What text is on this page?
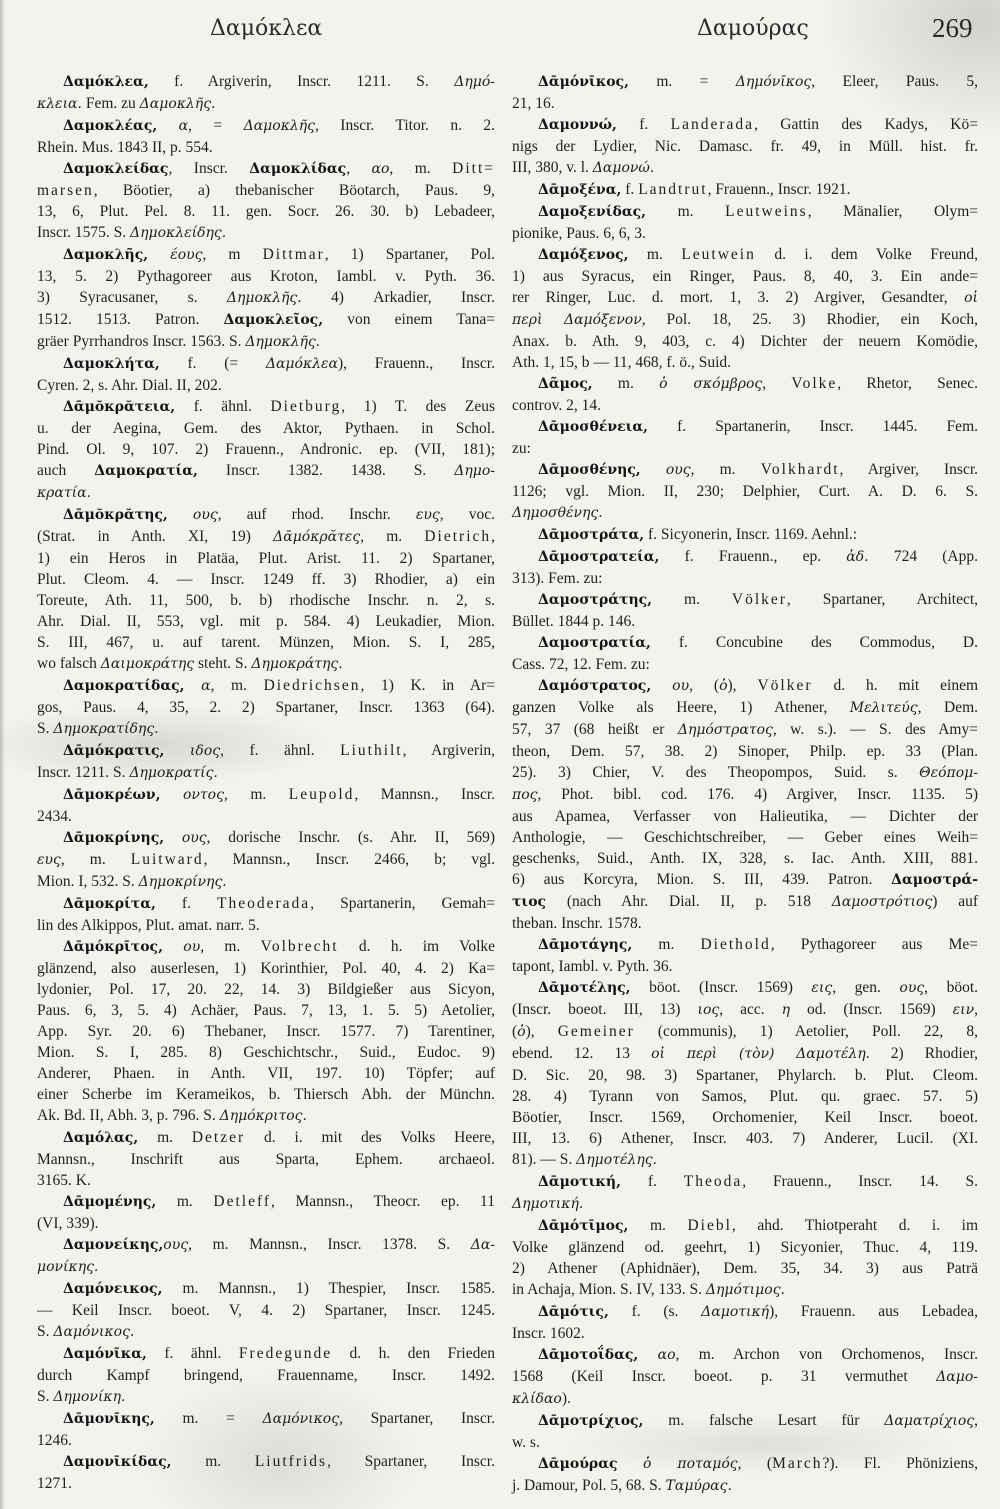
Δαμόκλεα	Δαμούρας	269
Δαμόκλεα, f. Argiverin, Inscr. 1211. S. Δημό-
κλεια. Fem. zu Δαμοκλῆς.
Δαμοκλέας, α, = Δαμοκλῆς, Inscr. Titor. n. 2.
Rhein. Mus. 1843 II, p. 554.
Δαμοκλείδας, Inscr. Δαμοκλίδας, αο, m. Ditt=
marsen, Böotier, a) thebanischer Böotarch, Paus. 9,
13, 6, Plut. Pel. 8. 11. gen. Socr. 26. 30. b) Lebadeer,
Inscr. 1575. S. Δημοκλείδης.
Δαμοκλῆς, έους, m Dittmar, 1) Spartaner, Pol.
13, 5. 2) Pythagoreer aus Kroton, Iambl. v. Pyth. 36.
3) Syracusaner, s. Δημοκλῆς. 4) Arkadier, Inscr.
1512. 1513. Patron. Δαμοκλεῖος, von einem Tana=
gräer Pyrrhandros Inscr. 1563. S. Δημοκλῆς.
Δαμοκλήτα, f. (= Δαμόκλεα), Frauenn., Inscr.
Cyren. 2, s. Ahr. Dial. II, 202.
Δᾱμŏκρᾰτεια, f. ähnl. Dietburg, 1) T. des Zeus
u. der Aegina, Gem. des Aktor, Pythaen. in Schol.
Pind. Ol. 9, 107. 2) Frauenn., Andronic. ep. (VII, 181);
auch Δαμοκρατία, Inscr. 1382. 1438. S. Δημο-
κρατία.
Δᾱμŏκρᾰτης, ους, auf rhod. Inschr. ευς, voc.
(Strat. in Anth. XI, 19) Δᾱμόκρᾰτες, m. Dietrich,
1) ein Heros in Platäa, Plut. Arist. 11. 2) Spartaner,
Plut. Cleom. 4. — Inscr. 1249 ff. 3) Rhodier, a) ein
Toreute, Ath. 11, 500, b. b) rhodische Inschr. n. 2, s.
Ahr. Dial. II, 553, vgl. mit p. 584. 4) Leukadier, Mion.
S. III, 467, u. auf tarent. Münzen, Mion. S. I, 285,
wo falsch Δαιμοκράτης steht. S. Δημοκράτης.
Δαμοκρατίδας, α, m. Diedrichsen, 1) K. in Ar=
gos, Paus. 4, 35, 2. 2) Spartaner, Inscr. 1363 (64).
S. Δημοκρατίδης.
Δᾱμόκρατις, ιδος, f. ähnl. Liuthilt, Argiverin,
Inscr. 1211. S. Δημοκρατίς.
Δᾱμοκρέων, οντος, m. Leupold, Mannsn., Inscr.
2434.
Δᾱμοκρίνης, ους, dorische Inschr. (s. Ahr. II, 569)
ευς, m. Luitward, Mannsn., Inscr. 2466, b; vgl.
Mion. I, 532. S. Δημοκρίνης.
Δᾱμοκρίτα, f. Theoderada, Spartanerin, Gemah=
lin des Alkippos, Plut. amat. narr. 5.
Δᾱμόκρῑτος, ου, m. Volbrecht d. h. im Volke
glänzend, also auserlesen, 1) Korinthier, Pol. 40, 4. 2) Ka=
lydonier, Pol. 17, 20. 22, 14. 3) Bildgießer aus Sicyon,
Paus. 6, 3, 5. 4) Achäer, Paus. 7, 13, 1. 5. 5) Aetolier,
App. Syr. 20. 6) Thebaner, Inscr. 1577. 7) Tarentiner,
Mion. S. I, 285. 8) Geschichtschr., Suid., Eudoc. 9)
Anderer, Phaen. in Anth. VII, 197. 10) Töpfer; auf
einer Scherbe im Kerameikos, b. Thiersch Abh. der Münchn.
Ak. Bd. II, Abh. 3, p. 796. S. Δημόκριτος.
Δαμόλας, m. Detzer d. i. mit des Volks Heere,
Mannsn., Inschrift aus Sparta, Ephem. archaeol.
3165. K.
Δᾱμομένης, m. Detleff, Mannsn., Theocr. ep. 11
(VI, 339).
Δαμονείκης,ους, m. Mannsn., Inscr. 1378. S. Δα-
μονίκης.
Δαμόνεικος, m. Mannsn., 1) Thespier, Inscr. 1585.
— Keil Inscr. boeot. V, 4. 2) Spartaner, Inscr. 1245.
S. Δαμόνικος.
Δαμόνῑκα, f. ähnl. Fredegunde d. h. den Frieden
durch Kampf bringend, Frauenname, Inscr. 1492.
S. Δημονίκη.
Δᾱμονῑκης, m. = Δαμόνικος, Spartaner, Inscr.
1246.
Δαμονῑκίδας, m. Liutfrids, Spartaner, Inscr.
1271.
Δᾱμόνῑκος, m. = Δημόνῑκος, Eleer, Paus. 5,
21, 16.
Δαμοννώ, f. Landerada, Gattin des Kadys, Kö=
nigs der Lydier, Nic. Damasc. fr. 49, in Müll. hist. fr.
III, 380, v. l. Δαμονώ.
Δᾱμοξένα, f. Landtrut, Frauenn., Inscr. 1921.
Δαμοξενίδας, m. Leutweins, Mänalier, Olym=
pionike, Paus. 6, 6, 3.
Δαμόξενος, m. Leutwein d. i. dem Volke Freund,
1) aus Syracus, ein Ringer, Paus. 8, 40, 3. Ein ande=
rer Ringer, Luc. d. mort. 1, 3. 2) Argiver, Gesandter, οἱ
περὶ Δαμόξενον, Pol. 18, 25. 3) Rhodier, ein Koch,
Anax. b. Ath. 9, 403, c. 4) Dichter der neuern Komödie,
Ath. 1, 15, b — 11, 468, f. ö., Suid.
Δᾶμος, m. ὁ σκόμβρος, Volke, Rhetor, Senec.
controv. 2, 14.
Δᾱμοσθένεια, f. Spartanerin, Inscr. 1445. Fem.
zu:
Δᾱμοσθένης, ους, m. Volkhardt, Argiver, Inscr.
1126; vgl. Mion. II, 230; Delphier, Curt. A. D. 6. S.
Δημοσθένης.
Δᾱμοστράτα, f. Sicyonerin, Inscr. 1169. Aehnl.:
Δᾱμοστρατεία, f. Frauenn., ep. ἀδ. 724 (App.
313). Fem. zu:
Δαμοστράτης, m. Völker, Spartaner, Architect,
Büllet. 1844 p. 146.
Δαμοστρατία, f. Concubine des Commodus, D.
Cass. 72, 12. Fem. zu:
Δαμόστρατος, ου, (ὁ), Völker d. h. mit einem
ganzen Volke als Heere, 1) Athener, Μελιτεύς, Dem.
57, 37 (68 heißt er Δημόστρατος, w. s.). — S. des Amy=
theon, Dem. 57, 38. 2) Sinoper, Philp. ep. 33 (Plan.
25). 3) Chier, V. des Theopompos, Suid. s. Θεόπομ-
πος, Phot. bibl. cod. 176. 4) Argiver, Inscr. 1135. 5)
aus Apamea, Verfasser von Halieutika, — Dichter der
Anthologie, — Geschichtschreiber, — Geber eines Weih=
geschenks, Suid., Anth. IX, 328, s. Iac. Anth. XIII, 881.
6) aus Korcyra, Mion. S. III, 439. Patron. Δαμοστρά-
τιος (nach Ahr. Dial. II, p. 518 Δαμοστρότιος) auf
theban. Inschr. 1578.
Δᾱμοτάγης, m. Diethold, Pythagoreer aus Me=
tapont, Iambl. v. Pyth. 36.
Δᾱμοτέλης, böot. (Inscr. 1569) εις, gen. ους, böot.
(Inscr. boeot. III, 13) ιος, acc. η od. (Inscr. 1569) ειν,
(ὁ), Gemeiner (communis), 1) Aetolier, Poll. 22, 8,
ebend. 12. 13 οἱ περὶ (τὸν) Δαμοτέλη. 2) Rhodier,
D. Sic. 20, 98. 3) Spartaner, Phylarch. b. Plut. Cleom.
28. 4) Tyrann von Samos, Plut. qu. graec. 57. 5)
Böotier, Inscr. 1569, Orchomenier, Keil Inscr. boeot.
III, 13. 6) Athener, Inscr. 403. 7) Anderer, Lucil. (XI.
81). — S. Δημοτέλης.
Δᾱμοτική, f. Theoda, Frauenn., Inscr. 14. S.
Δημοτική.
Δᾱμότῑμος, m. Diebl, ahd. Thiotperaht d. i. im
Volke glänzend od. geehrt, 1) Sicyonier, Thuc. 4, 119.
2) Athener (Aphidnäer), Dem. 35, 34. 3) aus Paträ
in Achaja, Mion. S. IV, 133. S. Δημότιμος.
Δᾱμότις, f. (s. Δαμοτική), Frauenn. aus Lebadea,
Inscr. 1602.
Δᾱμοτοΐδας, αο, m. Archon von Orchomenos, Inscr.
1568 (Keil Inscr. boeot. p. 31 vermuthet Δαμο-
κλίδαο).
Δᾱμοτρίχιος, m. falsche Lesart für Δαματρίχιος,
w. s.
Δᾱμούρας ὁ ποταμός, (March?). Fl. Phöniziens,
j. Damour, Pol. 5, 68. S. Ταμύρας.
